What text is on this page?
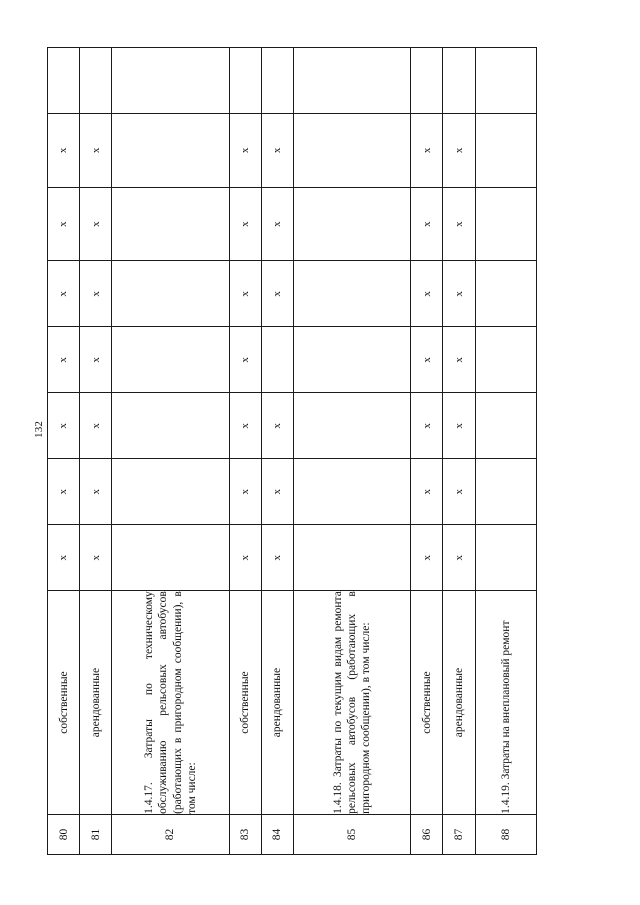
132
80	собственные	х	х	х	х	х	х	х	
81	арендованные	х	х	х	х	х	х	х	
82	1.4.17. Затраты по техническому обслуживанию рельсовых автобусов (работающих в пригородном сообщении), в том числе:								
83	собственные	х	х	х	х	х	х	х	
84	арендованные	х	х	х		х	х	х	
85	1.4.18. Затраты по текущим видам ремонта рельсовых автобусов (работающих в пригородном сообщении), в том числе:								
86	собственные	х	х	х	х	х	х	х	
87	арендованные	х	х	х	х	х	х	х	
88	1.4.19. Затраты на внеплановый ремонт								
